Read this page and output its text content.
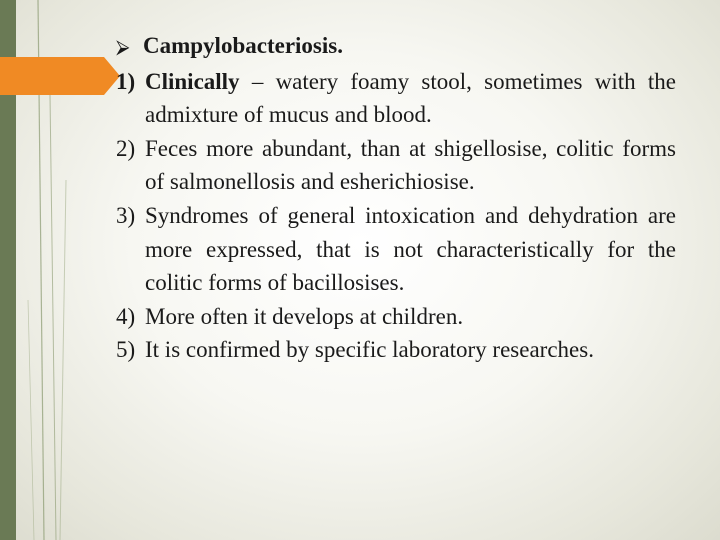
⮚ Campylobacteriosis.
1) Clinically – watery foamy stool, sometimes with the admixture of mucus and blood.
2) Feces more abundant, than at shigellosise, colitic forms of salmonellosis and esherichiosise.
3) Syndromes of general intoxication and dehydration are more expressed, that is not characteristically for the colitic forms of bacillosises.
4) More often it develops at children.
5) It is confirmed by specific laboratory researches.
